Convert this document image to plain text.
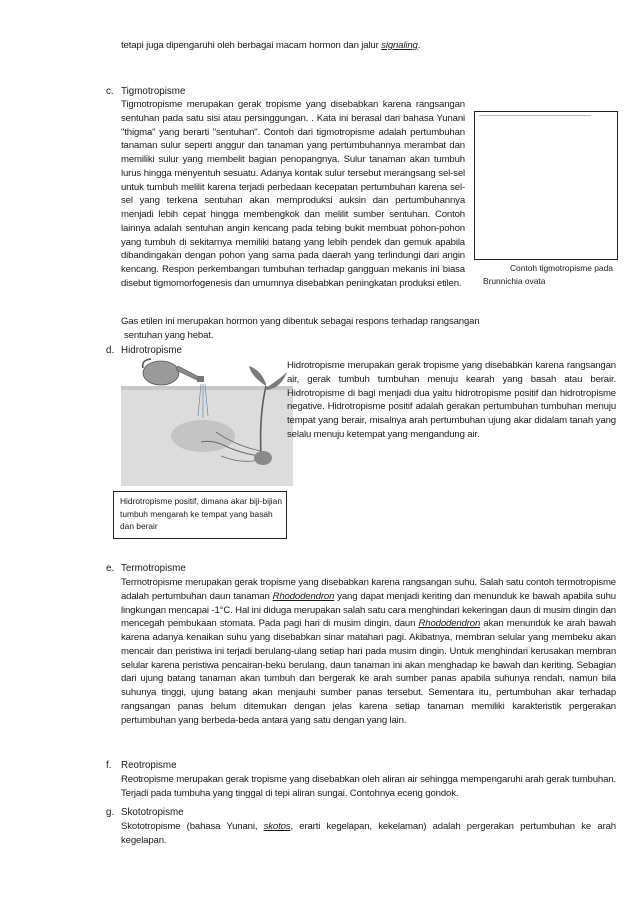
tetapi juga dipengaruhi oleh berbagai macam hormon dan jalur signaling.

c. Tigmotropisme

Tigmotropisme merupakan gerak tropisme yang disebabkan karena rangsangan sentuhan pada satu sisi atau persinggungan. . Kata ini berasal dari bahasa Yunani "thigma" yang berarti "sentuhan". Contoh dari tigmotropisme adalah pertumbuhan tanaman sulur seperti anggur dan tanaman yang pertumbuhannya merambat dan memiliki sulur yang membelit bagian penopangnya. Sulur tanaman akan tumbuh lurus hingga menyentuh sesuatu. Adanya kontak sulur tersebut merangsang sel-sel untuk tumbuh melilit karena terjadi perbedaan kecepatan pertumbuhan karena sel-sel yang terkena sentuhan akan memproduksi auksin dan pertumbuhannya menjadi lebih cepat hingga membengkok dan melilit sumber sentuhan. Contoh lainnya adalah sentuhan angin kencang pada tebing bukit membuat pohon-pohon yang tumbuh di sekitarnya memiliki batang yang lebih pendek dan gemuk apabila dibandingakan dengan pohon yang sama pada daerah yang terlindungi dari angin kencang. Respon perkembangan tumbuhan terhadap gangguan mekanis ini biasa disebut tigmomorfogenesis dan umumnya disebabkan peningkatan produksi etilen.

Gas etilen ini merupakan hormon yang dibentuk sebagai respons terhadap rangsangan

sentuhan yang hebat.

Contoh tigmotropisme pada Brunnichia ovata
d. Hidrotropisme

Hidrotropisme merupakan gerak tropisme yang disebabkan karena rangsangan air, gerak tumbuh tumbuhan menuju kearah yang basah atau berair. Hidrotropisme di bagi menjadi dua yaitu hidrotropisme positif dan hidrotropisme negative. Hidrotropisme positif adalah gerakan pertumbuhan tumbuhan menuju tempat yang berair, misalnya arah pertumbuhan ujung akar didalam tanah yang selalu menuju ketempat yang mengandung air.

Hidrotropisme positif, dimana akar biji-bijian tumbuh mengarah ke tempat yang basah dan berair
e. Termotropisme

Termotropisme merupakan gerak tropisme yang disebabkan karena rangsangan suhu. Salah satu contoh termotropisme adalah pertumbuhan daun tanaman Rhododendron yang dapat menjadi keriting dan menunduk ke bawah apabila suhu lingkungan mencapai -1°C. Hal ini diduga merupakan salah satu cara menghindari kekeringan daun di musim dingin dan mencegah pembukaan stomata. Pada pagi hari di musim dingin, daun Rhododendron akan menunduk ke arah bawah karena adanya kenaikan suhu yang disebabkan sinar matahari pagi. Akibatnya, membran selular yang membeku akan mencair dan peristiwa ini terjadi berulang-ulang setiap hari pada musim dingin. Untuk menghindari kerusakan membran selular karena peristiwa pencairan-beku berulang, daun tanaman ini akan menghadap ke bawah dan keriting. Sebagian dari ujung batang tanaman akan tumbuh dan bergerak ke arah sumber panas apabila suhunya rendah, namun bila suhunya tinggi, ujung batang akan menjauhi sumber panas tersebut. Sementara itu, pertumbuhan akar terhadap rangsangan panas belum ditemukan dengan jelas karena setiap tanaman memiliki karakteristik pergerakan pertumbuhan yang berbeda-beda antara yang satu dengan yang lain.

f. Reotropisme

Reotropisme merupakan gerak tropisme yang disebabkan oleh aliran air sehingga mempengaruhi arah gerak tumbuhan. Terjadi pada tumbuha yang tinggal di tepi aliran sungai. Contohnya eceng gondok.

g. Skototropisme

Skototropisme (bahasa Yunani, skotos, erarti kegelapan, kekelaman) adalah pergerakan pertumbuhan ke arah kegelapan.
